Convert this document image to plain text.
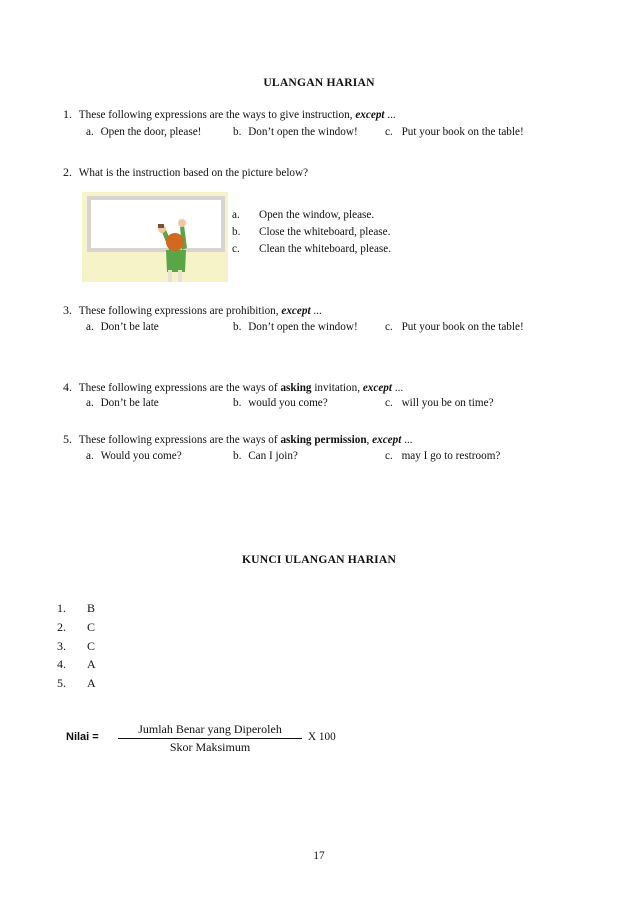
ULANGAN HARIAN
1. These following expressions are the ways to give instruction, except ...
a. Open the door, please!	b. Don’t open the window! c. Put your book on the table!
2. What is the instruction based on the picture below?
a. Open the window, please.
b. Close the whiteboard, please.
c. Clean the whiteboard, please.
3. These following expressions are prohibition, except ...
a. Don’t be late	b. Don’t open the window! c. Put your book on the table!
4. These following expressions are the ways of asking invitation, except ...
a. Don’t be late	b. would you come?	c. will you be on time?
5. These following expressions are the ways of asking permission, except ...
a. Would you come?	b. Can I join?	c. may I go to restroom?
KUNCI ULANGAN HARIAN
1. B
2. C
3. C
4. A
5. A
Nilai =
Jumlah Benar yang Diperoleh
Skor Maksimum
X 100
17
